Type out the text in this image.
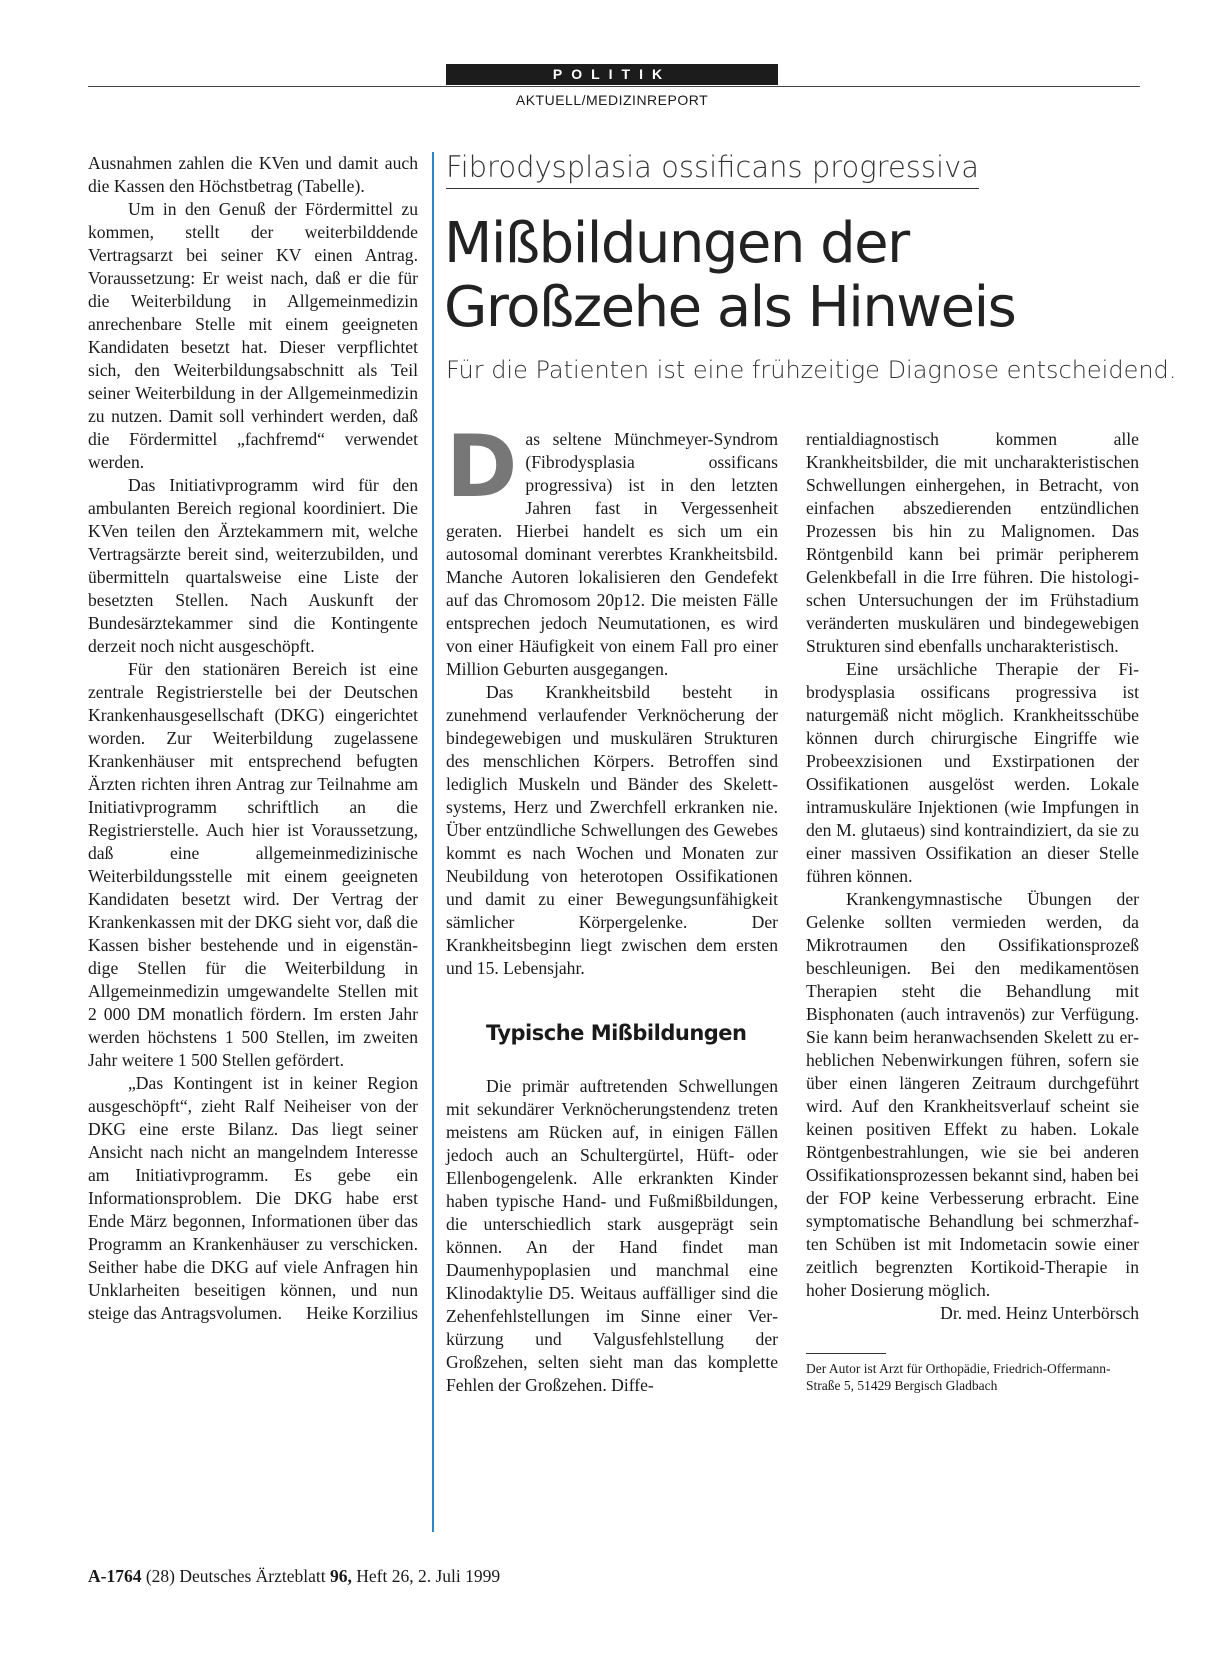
POLITIK
AKTUELL/MEDIZINREPORT

Ausnahmen zahlen die KVen und damit auch die Kassen den Höchstbetrag (Tabelle).

Um in den Genuß der Fördermittel zu kommen, stellt der weiterbilddende Vertragsarzt bei seiner KV einen Antrag. Voraussetzung: Er weist nach, daß er die für die Weiterbildung in Allgemeinmedizin anrechenbare Stelle mit einem geeigneten Kandidaten besetzt hat. Dieser verpflichtet sich, den Weiterbildungsabschnitt als Teil seiner Weiterbildung in der Allgemeinmedizin zu nutzen. Damit soll verhindert werden, daß die Fördermittel „fachfremd“ verwendet werden.

Das Initiativprogramm wird für den ambulanten Bereich regional koordiniert. Die KVen teilen den Ärztekammern mit, welche Vertragsärzte bereit sind, weiterzubilden, und übermitteln quartalsweise eine Liste der besetzten Stellen. Nach Auskunft der Bundesärztekammer sind die Kontingente derzeit noch nicht ausgeschöpft.

Für den stationären Bereich ist eine zentrale Registrierstelle bei der Deutschen Krankenhausgesellschaft (DKG) eingerichtet worden. Zur Weiterbildung zugelassene Krankenhäuser mit entsprechend befugten Ärzten richten ihren Antrag zur Teilnahme am Initiativprogramm schriftlich an die Registrierstelle. Auch hier ist Voraussetzung, daß eine allgemeinmedizinische Weiterbildungsstelle mit einem geeigneten Kandidaten besetzt wird. Der Vertrag der Krankenkassen mit der DKG sieht vor, daß die Kassen bisher bestehende und in eigenständige Stellen für die Weiterbildung in Allgemeinmedizin umgewandelte Stellen mit 2 000 DM monatlich fördern. Im ersten Jahr werden höchstens 1 500 Stellen, im zweiten Jahr weitere 1 500 Stellen gefördert.

„Das Kontingent ist in keiner Region ausgeschöpft“, zieht Ralf Neiheiser von der DKG eine erste Bilanz. Das liegt seiner Ansicht nach nicht an mangelndem Interesse am Initiativprogramm. Es gebe ein Informationsproblem. Die DKG habe erst Ende März begonnen, Informationen über das Programm an Krankenhäuser zu verschicken. Seither habe die DKG auf viele Anfragen hin Unklarheiten beseitigen können, und nun steige das Antragsvolumen. Heike Korzilius

Fibrodysplasia ossificans progressiva
Mißbildungen der Großzehe als Hinweis
Für die Patienten ist eine frühzeitige Diagnose entscheidend.

Das seltene Münchmeyer-Syndrom (Fibrodysplasia ossificans progressiva) ist in den letzten Jahren fast in Vergessenheit geraten. Hierbei handelt es sich um ein autosomal dominant vererbtes Krankheitsbild. Manche Autoren lokalisieren den Gendefekt auf das Chromosom 20p12. Die meisten Fälle entsprechen jedoch Neumutationen, es wird von einer Häufigkeit von einem Fall pro einer Million Geburten ausgegangen.

Das Krankheitsbild besteht in zunehmend verlaufender Verknöcherung der bindegewebigen und muskulären Strukturen des menschlichen Körpers. Betroffen sind lediglich Muskeln und Bänder des Skelettsystems, Herz und Zwerchfell erkranken nie. Über entzündliche Schwellungen des Gewebes kommt es nach Wochen und Monaten zur Neubildung von heterotopen Ossifikationen und damit zu einer Bewegungsunfähigkeit sämlicher Körpergelenke. Der Krankheitsbeginn liegt zwischen dem ersten und 15. Lebensjahr.

Typische Mißbildungen

Die primär auftretenden Schwellungen mit sekundärer Verknöcherungstendenz treten meistens am Rücken auf, in einigen Fällen jedoch auch an Schultergürtel, Hüft- oder Ellenbogengelenk. Alle erkrankten Kinder haben typische Hand- und Fußmißbildungen, die unterschiedlich stark ausgeprägt sein können. An der Hand findet man Daumenhypoplasien und manchmal eine Klinodaktylie D5. Weitaus auffälliger sind die Zehenfehlstellungen im Sinne einer Verkürzung und Valgusfehlstellung der Großzehen, selten sieht man das komplette Fehlen der Großzehen. Diffe-

rentialdiagnostisch kommen alle Krankheitsbilder, die mit uncharakteristischen Schwellungen einhergehen, in Betracht, von einfachen abszedierenden entzündlichen Prozessen bis hin zu Malignomen. Das Röntgenbild kann bei primär peripherem Gelenkbefall in die Irre führen. Die histologischen Untersuchungen der im Frühstadium veränderten muskulären und bindegewebigen Strukturen sind ebenfalls uncharakteristisch.

Eine ursächliche Therapie der Fibrodysplasia ossificans progressiva ist naturgemäß nicht möglich. Krankheitsschübe können durch chirurgische Eingriffe wie Probeexzisionen und Exstirpationen der Ossifikationen ausgelöst werden. Lokale intramuskuläre Injektionen (wie Impfungen in den M. glutaeus) sind kontraindiziert, da sie zu einer massiven Ossifikation an dieser Stelle führen können.

Krankengymnastische Übungen der Gelenke sollten vermieden werden, da Mikrotraumen den Ossifikationsprozeß beschleunigen. Bei den medikamentösen Therapien steht die Behandlung mit Bisphonaten (auch intravenös) zur Verfügung. Sie kann beim heranwachsenden Skelett zu erheblichen Nebenwirkungen führen, sofern sie über einen längeren Zeitraum durchgeführt wird. Auf den Krankheitsverlauf scheint sie keinen positiven Effekt zu haben. Lokale Röntgenbestrahlungen, wie sie bei anderen Ossifikationsprozessen bekannt sind, haben bei der FOP keine Verbesserung erbracht. Eine symptomatische Behandlung bei schmerzhaften Schüben ist mit Indometacin sowie einer zeitlich begrenzten Kortikoid-Therapie in hoher Dosierung möglich.
Dr. med. Heinz Unterbörsch

Der Autor ist Arzt für Orthopädie, Friedrich-Offermann-Straße 5, 51429 Bergisch Gladbach
A-1764 (28) Deutsches Ärzteblatt 96, Heft 26, 2. Juli 1999
